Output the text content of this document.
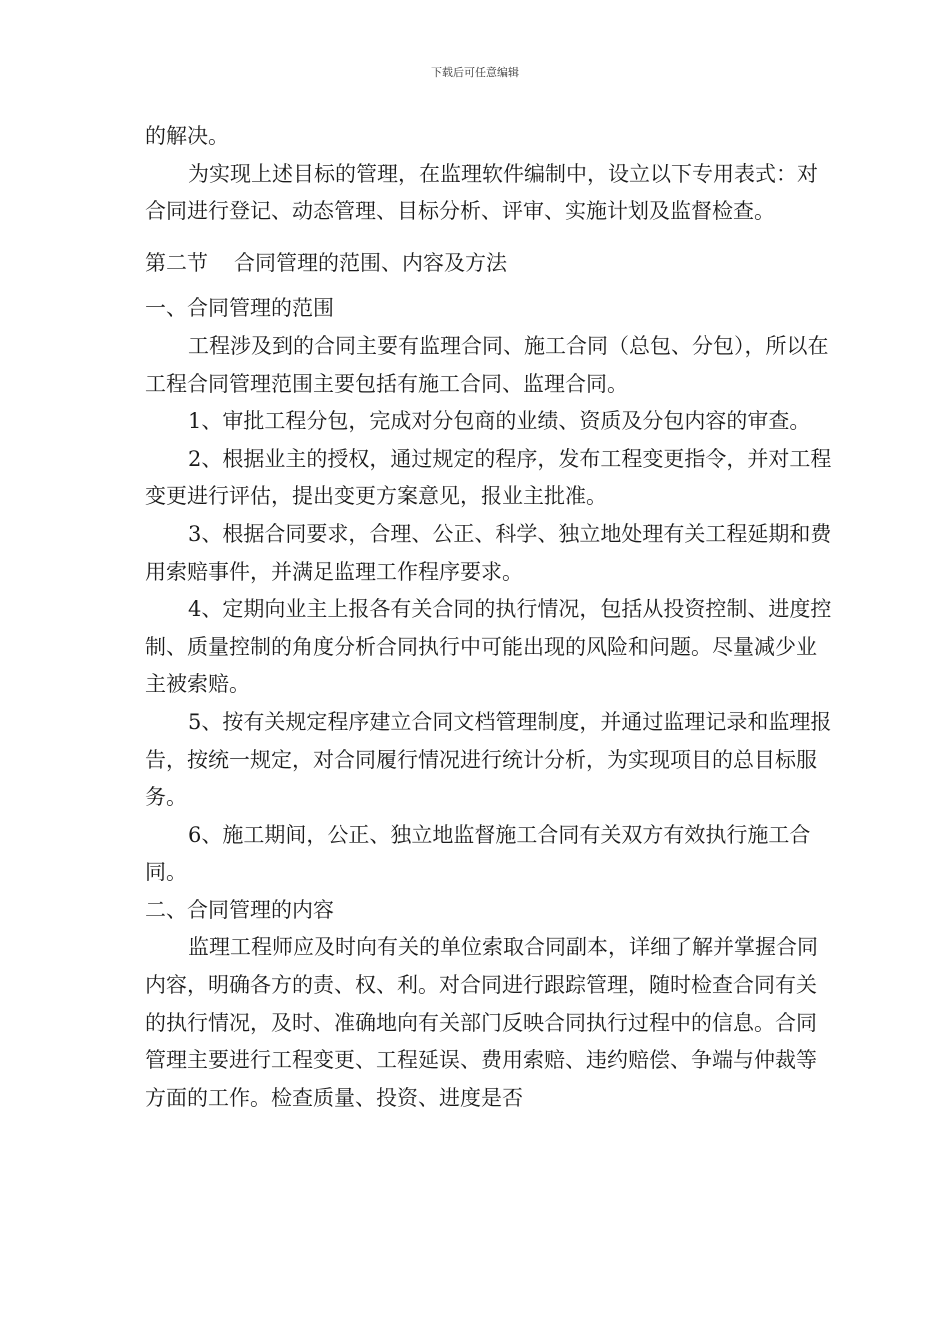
下载后可任意编辑

的解决。

为实现上述目标的管理，在监理软件编制中，设立以下专用表式：对合同进行登记、动态管理、目标分析、评审、实施计划及监督检查。

第二节 合同管理的范围、内容及方法

一、合同管理的范围

工程涉及到的合同主要有监理合同、施工合同（总包、分包），所以在工程合同管理范围主要包括有施工合同、监理合同。

1、审批工程分包，完成对分包商的业绩、资质及分包内容的审查。

2、根据业主的授权，通过规定的程序，发布工程变更指令，并对工程变更进行评估，提出变更方案意见，报业主批准。

3、根据合同要求，合理、公正、科学、独立地处理有关工程延期和费用索赔事件，并满足监理工作程序要求。

4、定期向业主上报各有关合同的执行情况，包括从投资控制、进度控制、质量控制的角度分析合同执行中可能出现的风险和问题。尽量减少业主被索赔。

5、按有关规定程序建立合同文档管理制度，并通过监理记录和监理报告，按统一规定，对合同履行情况进行统计分析，为实现项目的总目标服务。

6、施工期间，公正、独立地监督施工合同有关双方有效执行施工合同。

二、合同管理的内容

监理工程师应及时向有关的单位索取合同副本，详细了解并掌握合同内容，明确各方的责、权、利。对合同进行跟踪管理，随时检查合同有关的执行情况，及时、准确地向有关部门反映合同执行过程中的信息。合同管理主要进行工程变更、工程延误、费用索赔、违约赔偿、争端与仲裁等方面的工作。检查质量、投资、进度是否
